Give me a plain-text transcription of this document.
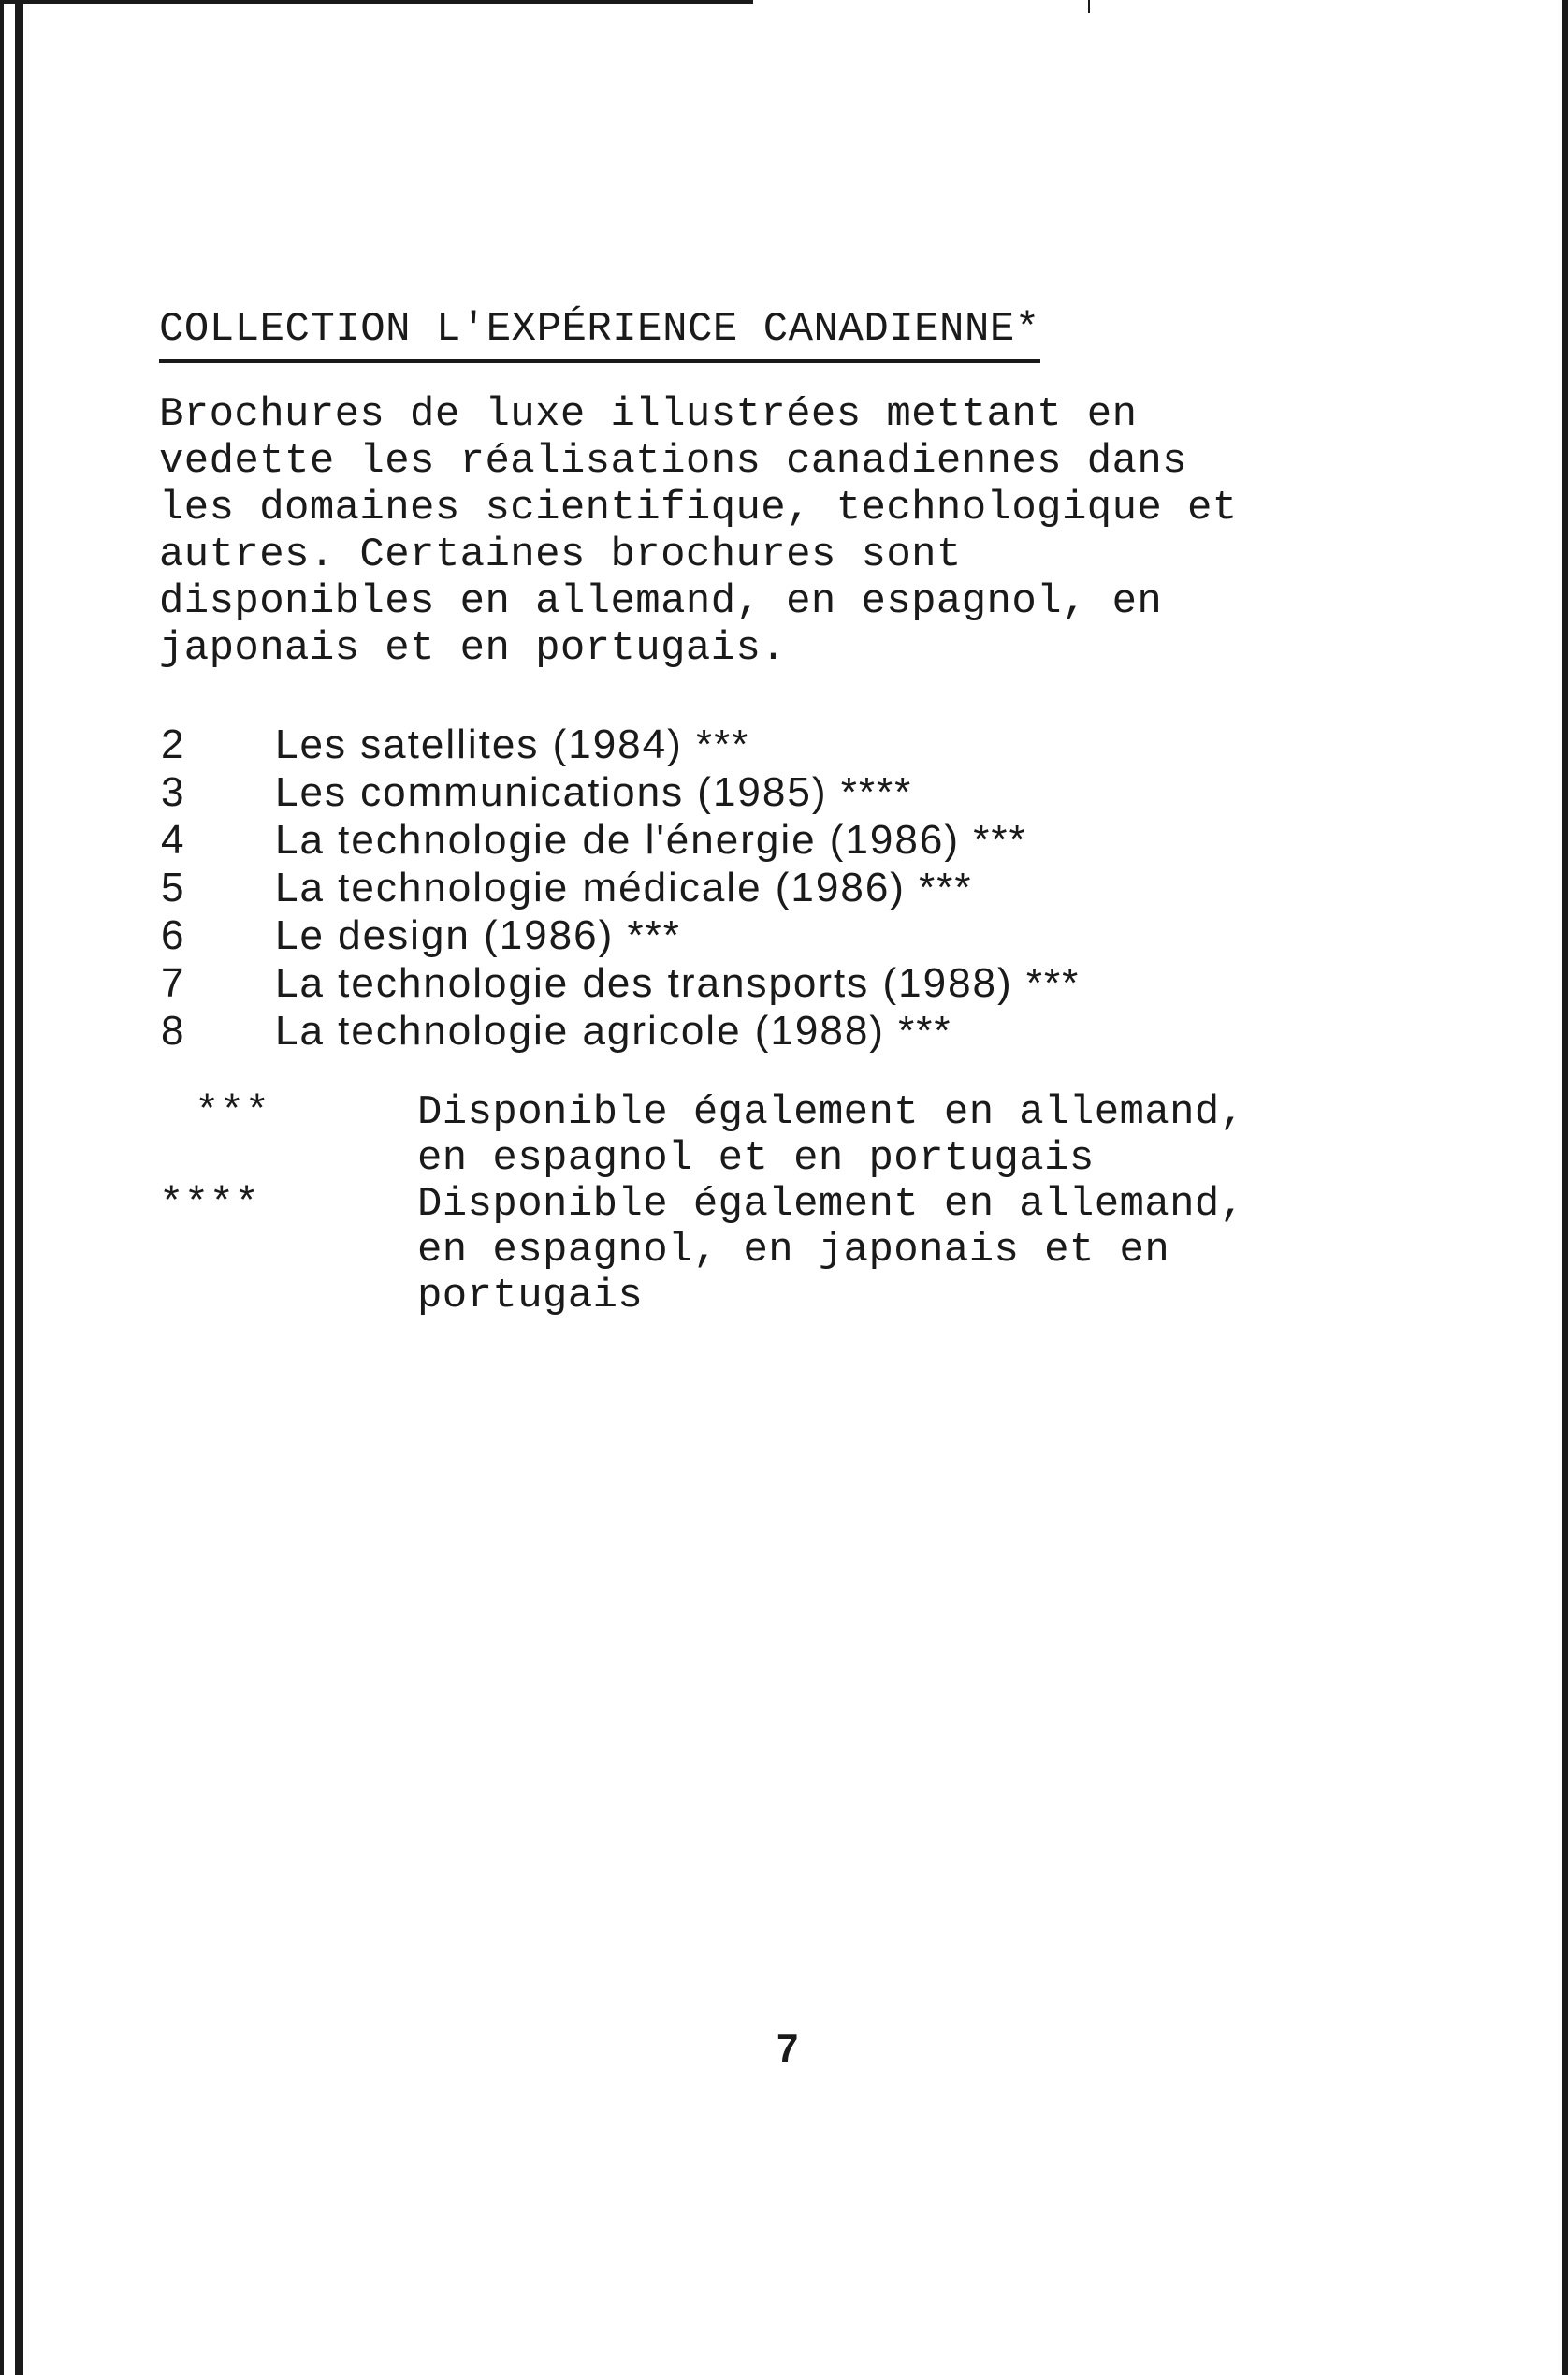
COLLECTION L'EXPÉRIENCE CANADIENNE*
Brochures de luxe illustrées mettant en
vedette les réalisations canadiennes dans
les domaines scientifique, technologique et
autres. Certaines brochures sont
disponibles en allemand, en espagnol, en
japonais et en portugais.
2	Les satellites (1984) ***
3	Les communications (1985) ****
4	La technologie de l'énergie (1986) ***
5	La technologie médicale (1986) ***
6	Le design (1986) ***
7	La technologie des transports (1988) ***
8	La technologie agricole (1988) ***
***	Disponible également en allemand,
en espagnol et en portugais
****	Disponible également en allemand,
en espagnol, en japonais et en
portugais
7
